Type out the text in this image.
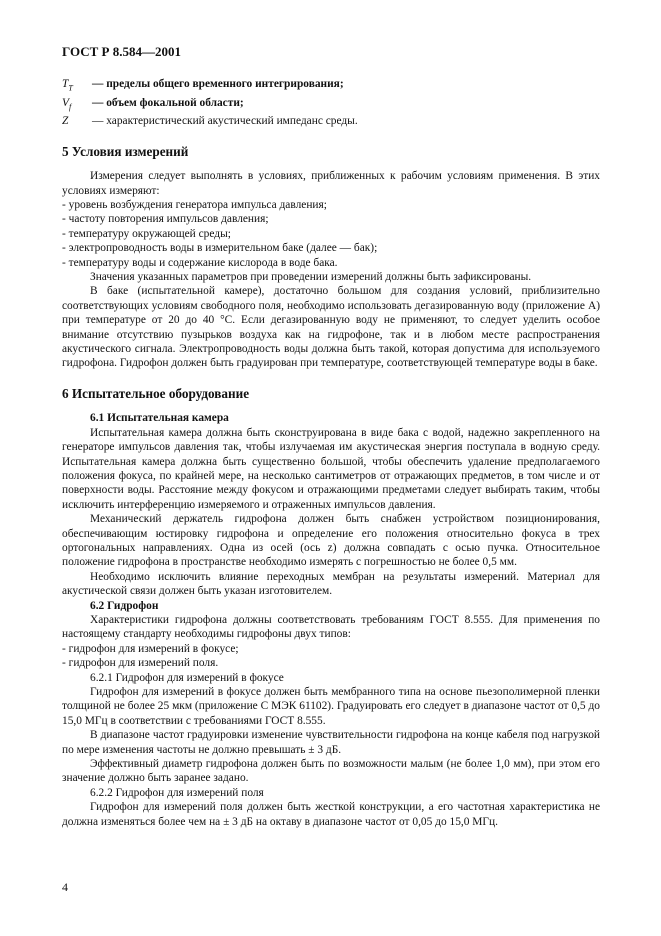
ГОСТ Р 8.584—2001
$T_T$	— пределы общего временного интегрирования;
$V_f$	— объем фокальной области;
Z	— характеристический акустический импеданс среды.
5 Условия измерений

Измерения следует выполнять в условиях, приближенных к рабочим условиям применения. В этих условиях измеряют:

- уровень возбуждения генератора импульса давления;

- частоту повторения импульсов давления;

- температуру окружающей среды;

- электропроводность воды в измерительном баке (далее — бак);

- температуру воды и содержание кислорода в воде бака.

Значения указанных параметров при проведении измерений должны быть зафиксированы.

В баке (испытательной камере), достаточно большом для создания условий, приблизительно соответствующих условиям свободного поля, необходимо использовать дегазированную воду (приложение А) при температуре от 20 до 40 °С. Если дегазированную воду не применяют, то следует уделить особое внимание отсутствию пузырьков воздуха как на гидрофоне, так и в любом месте распространения акустического сигнала. Электропроводность воды должна быть такой, которая допустима для используемого гидрофона. Гидрофон должен быть градуирован при температуре, соответствующей температуре воды в баке.

6 Испытательное оборудование

6.1 Испытательная камера

Испытательная камера должна быть сконструирована в виде бака с водой, надежно закрепленного на генераторе импульсов давления так, чтобы излучаемая им акустическая энергия поступала в водную среду. Испытательная камера должна быть существенно большой, чтобы обеспечить удаление предполагаемого положения фокуса, по крайней мере, на несколько сантиметров от отражающих предметов, в том числе и от поверхности воды. Расстояние между фокусом и отражающими предметами следует выбирать таким, чтобы исключить интерференцию измеряемого и отраженных импульсов давления.

Механический держатель гидрофона должен быть снабжен устройством позиционирования, обеспечивающим юстировку гидрофона и определение его положения относительно фокуса в трех ортогональных направлениях. Одна из осей (ось z) должна совпадать с осью пучка. Относительное положение гидрофона в пространстве необходимо измерять с погрешностью не более 0,5 мм.

Необходимо исключить влияние переходных мембран на результаты измерений. Материал для акустической связи должен быть указан изготовителем.

6.2 Гидрофон

Характеристики гидрофона должны соответствовать требованиям ГОСТ 8.555. Для применения по настоящему стандарту необходимы гидрофоны двух типов:

- гидрофон для измерений в фокусе;

- гидрофон для измерений поля.

6.2.1 Гидрофон для измерений в фокусе

Гидрофон для измерений в фокусе должен быть мембранного типа на основе пьезополимерной пленки толщиной не более 25 мкм (приложение С МЭК 61102). Градуировать его следует в диапазоне частот от 0,5 до 15,0 МГц в соответствии с требованиями ГОСТ 8.555.

В диапазоне частот градуировки изменение чувствительности гидрофона на конце кабеля под нагрузкой по мере изменения частоты не должно превышать ± 3 дБ.

Эффективный диаметр гидрофона должен быть по возможности малым (не более 1,0 мм), при этом его значение должно быть заранее задано.

6.2.2 Гидрофон для измерений поля

Гидрофон для измерений поля должен быть жесткой конструкции, а его частотная характеристика не должна изменяться более чем на ± 3 дБ на октаву в диапазоне частот от 0,05 до 15,0 МГц.

4
